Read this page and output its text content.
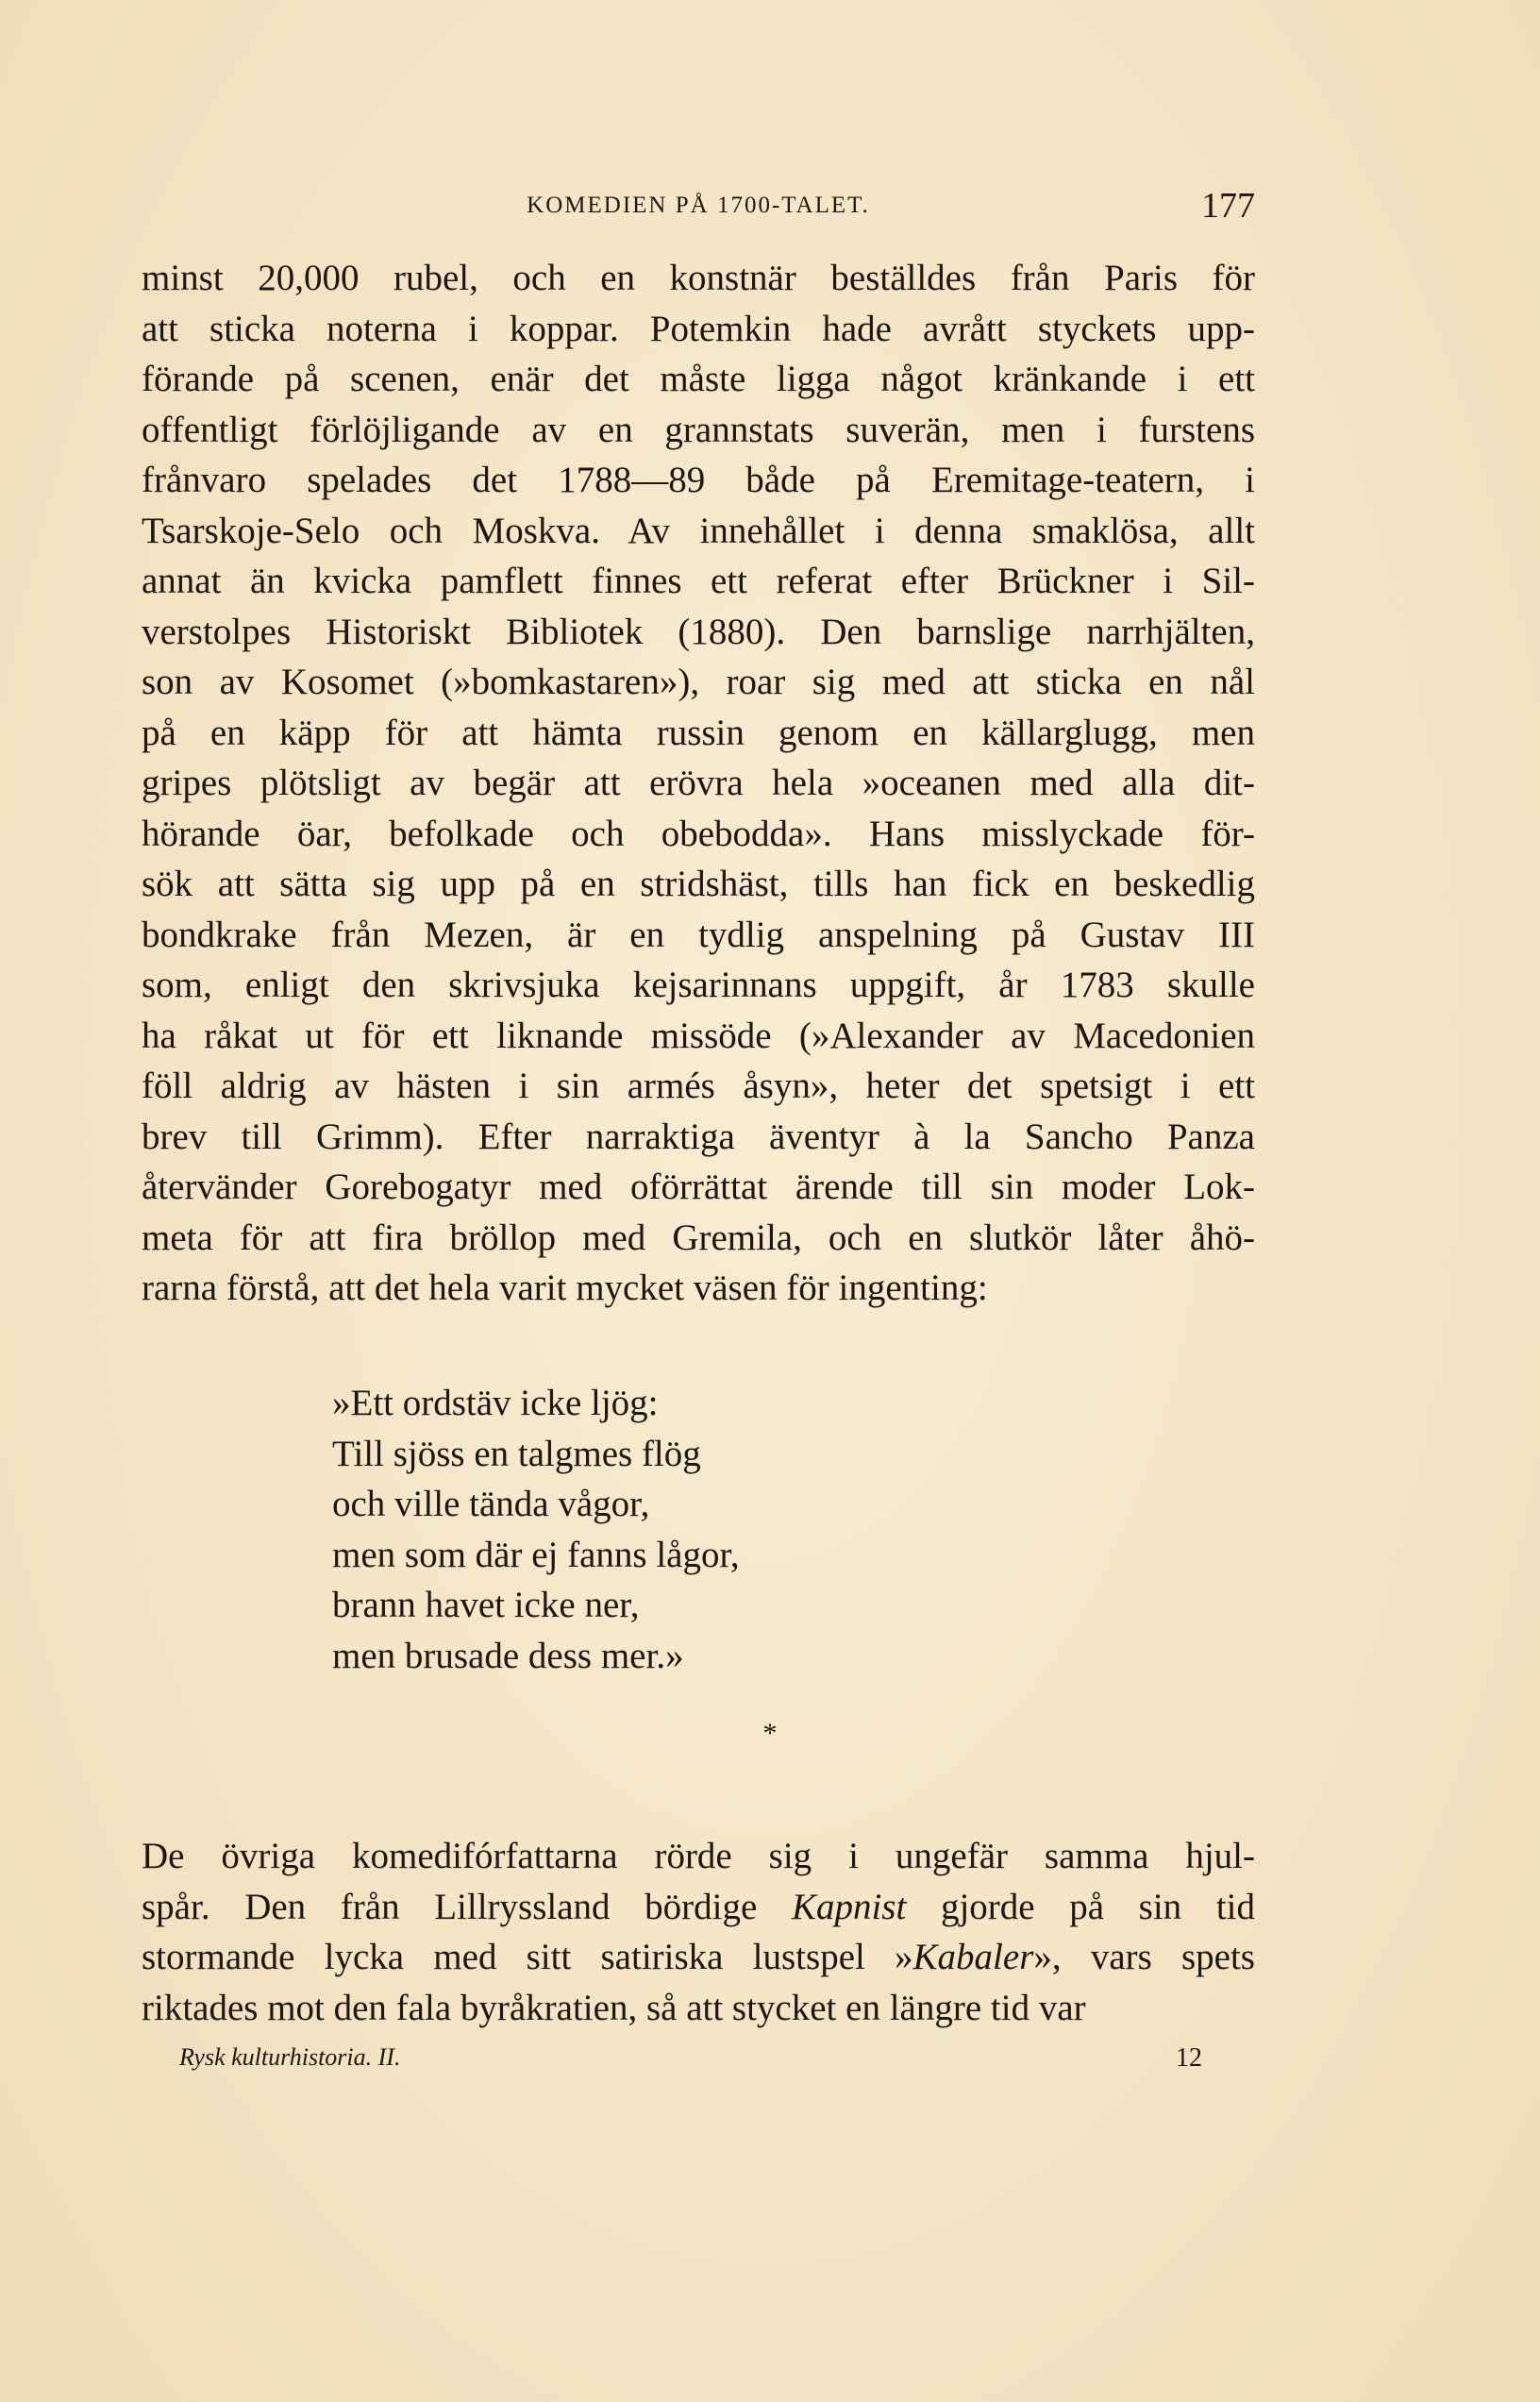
KOMEDIEN PÅ 1700-TALET.	177
minst 20,000 rubel, och en konstnär beställdes från Paris för
att sticka noterna i koppar. Potemkin hade avrått styckets upp-
förande på scenen, enär det måste ligga något kränkande i ett
offentligt förlöjligande av en grannstats suverän, men i furstens
frånvaro spelades det 1788—89 både på Eremitage-teatern, i
Tsarskoje-Selo och Moskva. Av innehållet i denna smaklösa, allt
annat än kvicka pamflett finnes ett referat efter Brückner i Sil-
verstolpes Historiskt Bibliotek (1880). Den barnslige narrhjälten,
son av Kosomet (»bomkastaren»), roar sig med att sticka en nål
på en käpp för att hämta russin genom en källarglugg, men
gripes plötsligt av begär att erövra hela »oceanen med alla dit-
hörande öar, befolkade och obebodda». Hans misslyckade för-
sök att sätta sig upp på en stridshäst, tills han fick en beskedlig
bondkrake från Mezen, är en tydlig anspelning på Gustav III
som, enligt den skrivsjuka kejsarinnans uppgift, år 1783 skulle
ha råkat ut för ett liknande missöde (»Alexander av Macedonien
föll aldrig av hästen i sin armés åsyn», heter det spetsigt i ett
brev till Grimm). Efter narraktiga äventyr à la Sancho Panza
återvänder Gorebogatyr med oförrättat ärende till sin moder Lok-
meta för att fira bröllop med Gremila, och en slutkör låter åhö-
rarna förstå, att det hela varit mycket väsen för ingenting:
»Ett ordstäv icke ljög:
Till sjöss en talgmes flög
och ville tända vågor,
men som där ej fanns lågor,
brann havet icke ner,
men brusade dess mer.»
*
De övriga komedifórfattarna rörde sig i ungefär samma hjul-
spår. Den från Lillryssland bördige Kapnist gjorde på sin tid
stormande lycka med sitt satiriska lustspel »Kabaler», vars spets
riktades mot den fala byråkratien, så att stycket en längre tid var
Rysk kulturhistoria. II.	12
